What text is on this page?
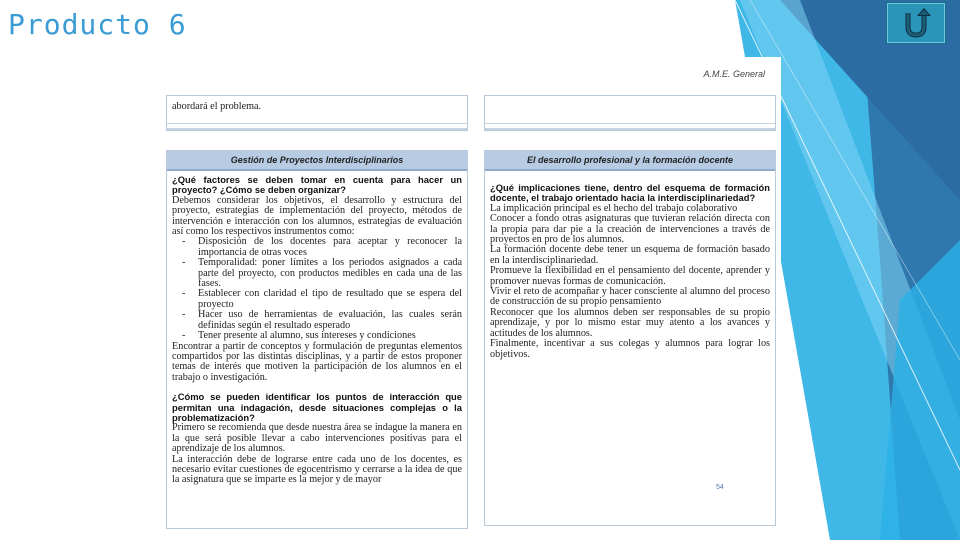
Producto 6
A.M.E. General
abordará el problema.
Gestión de Proyectos Interdisciplinarios
¿Qué factores se deben tomar en cuenta para hacer un proyecto? ¿Cómo se deben organizar?
Debemos considerar los objetivos, el desarrollo y estructura del proyecto, estrategias de implementación del proyecto, métodos de intervención e interacción con los alumnos, estrategias de evaluación así como los respectivos instrumentos como:
- Disposición de los docentes para aceptar y reconocer la importancia de otras voces
- Temporalidad: poner límites a los periodos asignados a cada parte del proyecto, con productos medibles en cada una de las fases.
- Establecer con claridad el tipo de resultado que se espera del proyecto
- Hacer uso de herramientas de evaluación, las cuales serán definidas según el resultado esperado
- Tener presente al alumno, sus intereses y condiciones
Encontrar a partir de conceptos y formulación de preguntas elementos compartidos por las distintas disciplinas, y a partir de estos proponer temas de interés que motiven la participación de los alumnos en el trabajo o investigación.
¿Cómo se pueden identificar los puntos de interacción que permitan una indagación, desde situaciones complejas o la problematización?
Primero se recomienda que desde nuestra área se indague la manera en la que será posible llevar a cabo intervenciones positivas para el aprendizaje de los alumnos.
La interacción debe de lograrse entre cada uno de los docentes, es necesario evitar cuestiones de egocentrismo y cerrarse a la idea de que la asignatura que se imparte es la mejor y de mayor
El desarrollo profesional y la formación docente
¿Qué implicaciones tiene, dentro del esquema de formación docente, el trabajo orientado hacia la interdisciplinariedad?
La implicación principal es el hecho del trabajo colaborativo
Conocer a fondo otras asignaturas que tuvieran relación directa con la propia para dar pie a la creación de intervenciones a través de proyectos en pro de los alumnos.
La formación docente debe tener un esquema de formación basado en la interdisciplinariedad.
Promueve la flexibilidad en el pensamiento del docente, aprender y promover nuevas formas de comunicación.
Vivir el reto de acompañar y hacer consciente al alumno del proceso de construcción de su propio pensamiento
Reconocer que los alumnos deben ser responsables de su propio aprendizaje, y por lo mismo estar muy atento a los avances y actitudes de los alumnos.
Finalmente, incentivar a sus colegas y alumnos para lograr los objetivos.
54
